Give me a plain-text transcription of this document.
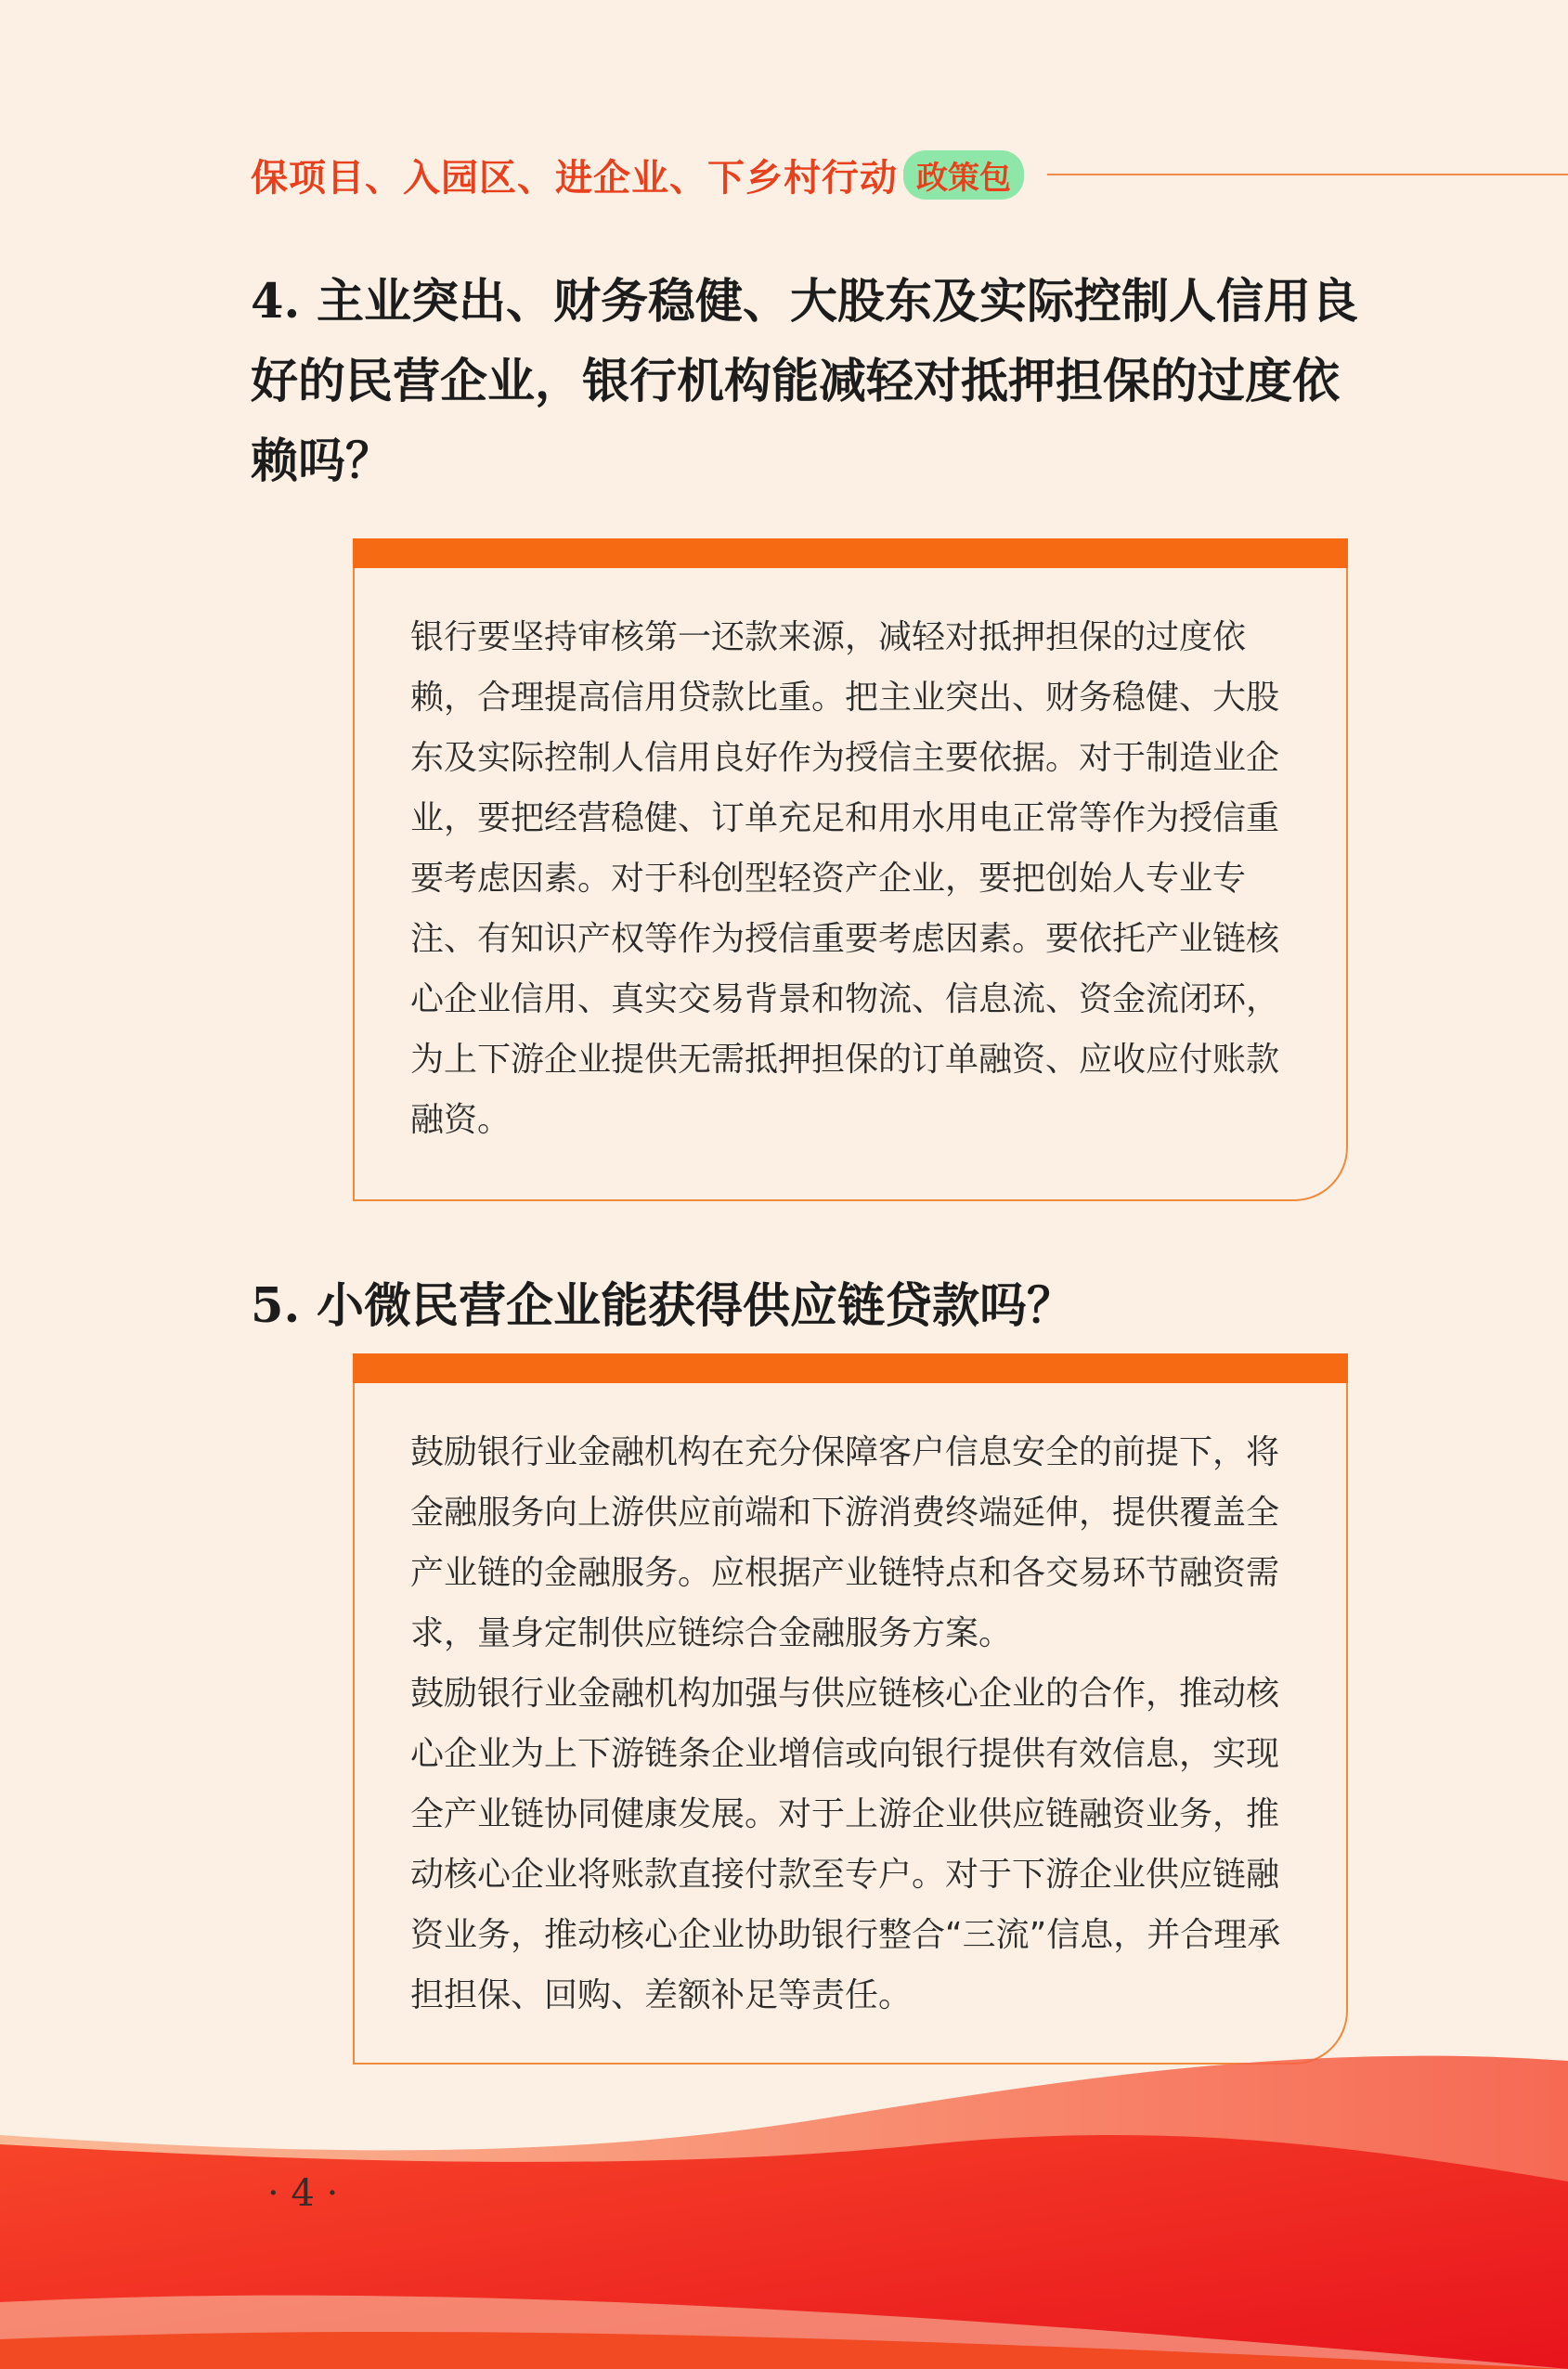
保项目、入园区、进企业、下乡村行动 政策包
4. 主业突出、财务稳健、大股东及实际控制人信用良好的民营企业，银行机构能减轻对抵押担保的过度依赖吗？

银行要坚持审核第一还款来源，减轻对抵押担保的过度依赖，合理提高信用贷款比重。把主业突出、财务稳健、大股东及实际控制人信用良好作为授信主要依据。对于制造业企业，要把经营稳健、订单充足和用水用电正常等作为授信重要考虑因素。对于科创型轻资产企业，要把创始人专业专注、有知识产权等作为授信重要考虑因素。要依托产业链核心企业信用、真实交易背景和物流、信息流、资金流闭环，为上下游企业提供无需抵押担保的订单融资、应收应付账款融资。

5. 小微民营企业能获得供应链贷款吗？

鼓励银行业金融机构在充分保障客户信息安全的前提下，将金融服务向上游供应前端和下游消费终端延伸，提供覆盖全产业链的金融服务。应根据产业链特点和各交易环节融资需求，量身定制供应链综合金融服务方案。

鼓励银行业金融机构加强与供应链核心企业的合作，推动核心企业为上下游链条企业增信或向银行提供有效信息，实现全产业链协同健康发展。对于上游企业供应链融资业务，推动核心企业将账款直接付款至专户。对于下游企业供应链融资业务，推动核心企业协助银行整合“三流”信息，并合理承担担保、回购、差额补足等责任。

· 4 ·
